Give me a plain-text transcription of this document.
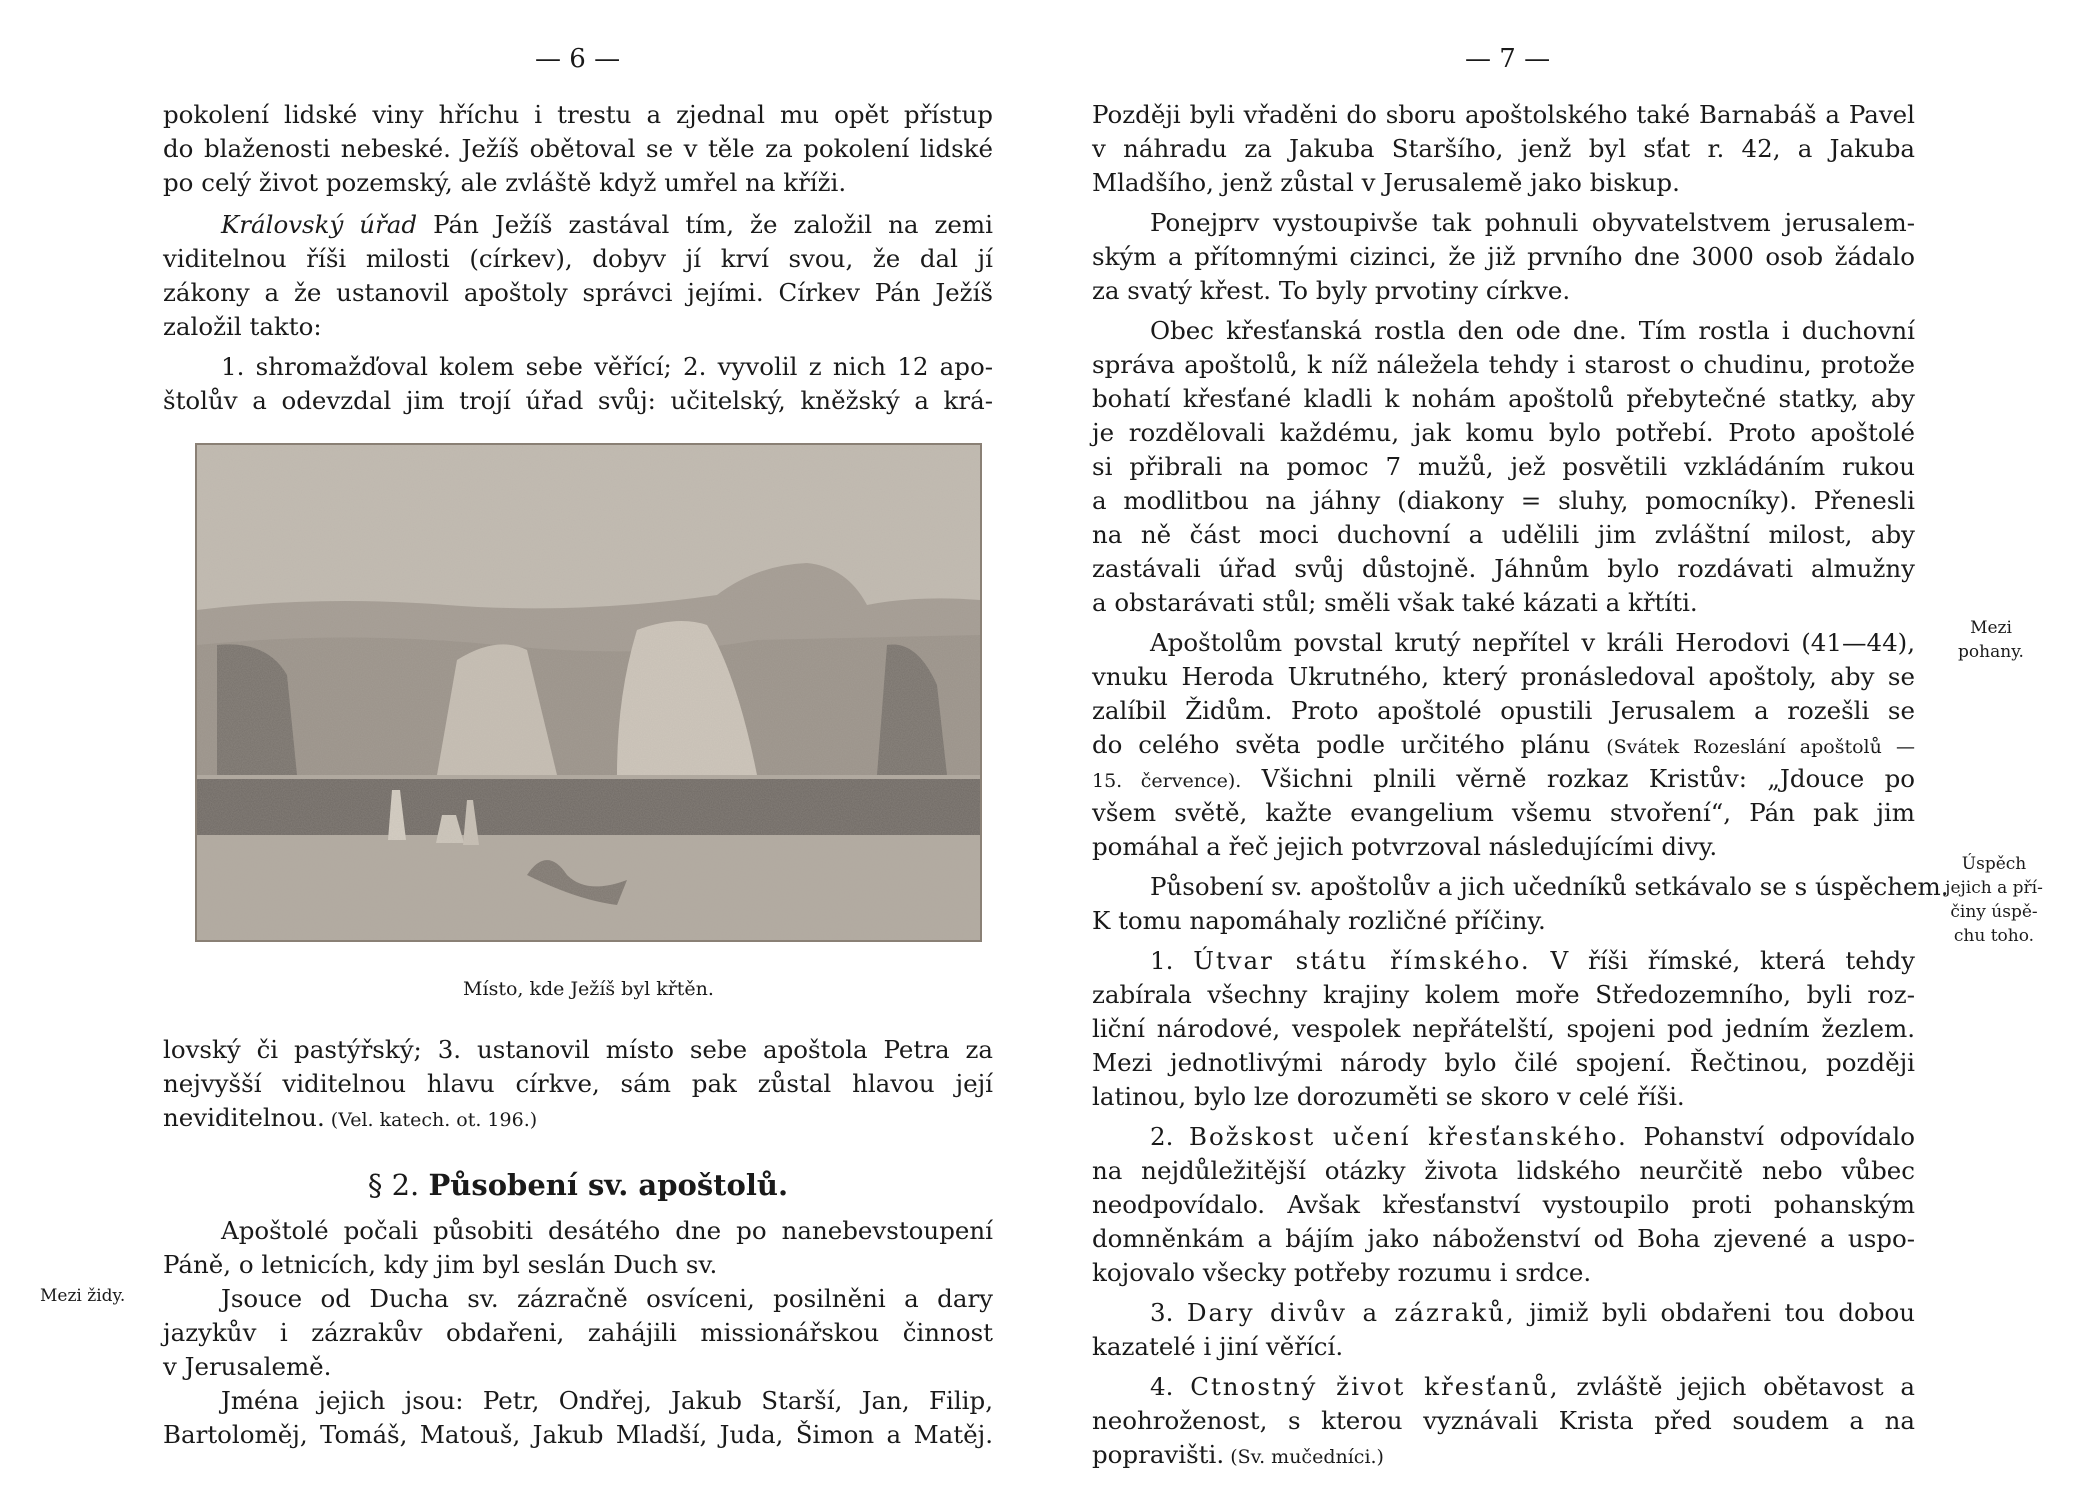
— 6 —
pokolení lidské viny hříchu i trestu a zjednal mu opět přístup
do blaženosti nebeské. Ježíš obětoval se v těle za pokolení lidské
po celý život pozemský, ale zvláště když umřel na kříži.
Královský úřad Pán Ježíš zastával tím, že založil na zemi
viditelnou říši milosti (církev), dobyv jí krví svou, že dal jí
zákony a že ustanovil apoštoly správci jejími. Církev Pán Ježíš
založil takto:
1. shromažďoval kolem sebe věřící; 2. vyvolil z nich 12 apo-
štolův a odevzdal jim trojí úřad svůj: učitelský, kněžský a krá-
Místo, kde Ježíš byl křtěn.
lovský či pastýřský; 3. ustanovil místo sebe apoštola Petra za
nejvyšší viditelnou hlavu církve, sám pak zůstal hlavou její
neviditelnou. (Vel. katech. ot. 196.)
§ 2. Působení sv. apoštolů.
Apoštolé počali působiti desátého dne po nanebevstoupení
Páně, o letnicích, kdy jim byl seslán Duch sv.
Jsouce od Ducha sv. zázračně osvíceni, posilněni a dary
jazykův i zázrakův obdařeni, zahájili missionářskou činnost
v Jerusalemě.
Jména jejich jsou: Petr, Ondřej, Jakub Starší, Jan, Filip,
Bartoloměj, Tomáš, Matouš, Jakub Mladší, Juda, Šimon a Matěj.
Mezi židy.
— 7 —
Později byli vřaděni do sboru apoštolského také Barnabáš a Pavel
v náhradu za Jakuba Staršího, jenž byl sťat r. 42, a Jakuba
Mladšího, jenž zůstal v Jerusalemě jako biskup.
Ponejprv vystoupivše tak pohnuli obyvatelstvem jerusalem-
ským a přítomnými cizinci, že již prvního dne 3000 osob žádalo
za svatý křest. To byly prvotiny církve.
Obec křesťanská rostla den ode dne. Tím rostla i duchovní
správa apoštolů, k níž náležela tehdy i starost o chudinu, protože
bohatí křesťané kladli k nohám apoštolů přebytečné statky, aby
je rozdělovali každému, jak komu bylo potřebí. Proto apoštolé
si přibrali na pomoc 7 mužů, jež posvětili vzkládáním rukou
a modlitbou na jáhny (diakony = sluhy, pomocníky). Přenesli
na ně část moci duchovní a udělili jim zvláštní milost, aby
zastávali úřad svůj důstojně. Jáhnům bylo rozdávati almužny
a obstarávati stůl; směli však také kázati a křtíti.
Apoštolům povstal krutý nepřítel v králi Herodovi (41—44),
vnuku Heroda Ukrutného, který pronásledoval apoštoly, aby se
zalíbil Židům. Proto apoštolé opustili Jerusalem a rozešli se
do celého světa podle určitého plánu (Svátek Rozeslání apoštolů —
15. července). Všichni plnili věrně rozkaz Kristův: „Jdouce po
všem světě, kažte evangelium všemu stvoření“, Pán pak jim
pomáhal a řeč jejich potvrzoval následujícími divy.
Působení sv. apoštolův a jich učedníků setkávalo se s úspěchem.
K tomu napomáhaly rozličné příčiny.
1. Útvar státu římského. V říši římské, která tehdy
zabírala všechny krajiny kolem moře Středozemního, byli roz-
liční národové, vespolek nepřátelští, spojeni pod jedním žezlem.
Mezi jednotlivými národy bylo čilé spojení. Řečtinou, později
latinou, bylo lze dorozuměti se skoro v celé říši.
2. Božskost učení křesťanského. Pohanství odpovídalo
na nejdůležitější otázky života lidského neurčitě nebo vůbec
neodpovídalo. Avšak křesťanství vystoupilo proti pohanským
domněnkám a bájím jako náboženství od Boha zjevené a uspo-
kojovalo všecky potřeby rozumu i srdce.
3. Dary divův a zázraků, jimiž byli obdařeni tou dobou
kazatelé i jiní věřící.
4. Ctnostný život křesťanů, zvláště jejich obětavost a
neohroženost, s kterou vyznávali Krista před soudem a na
popravišti. (Sv. mučedníci.)
Mezi
pohany.
Úspěch
jejich a pří-
činy úspě-
chu toho.
